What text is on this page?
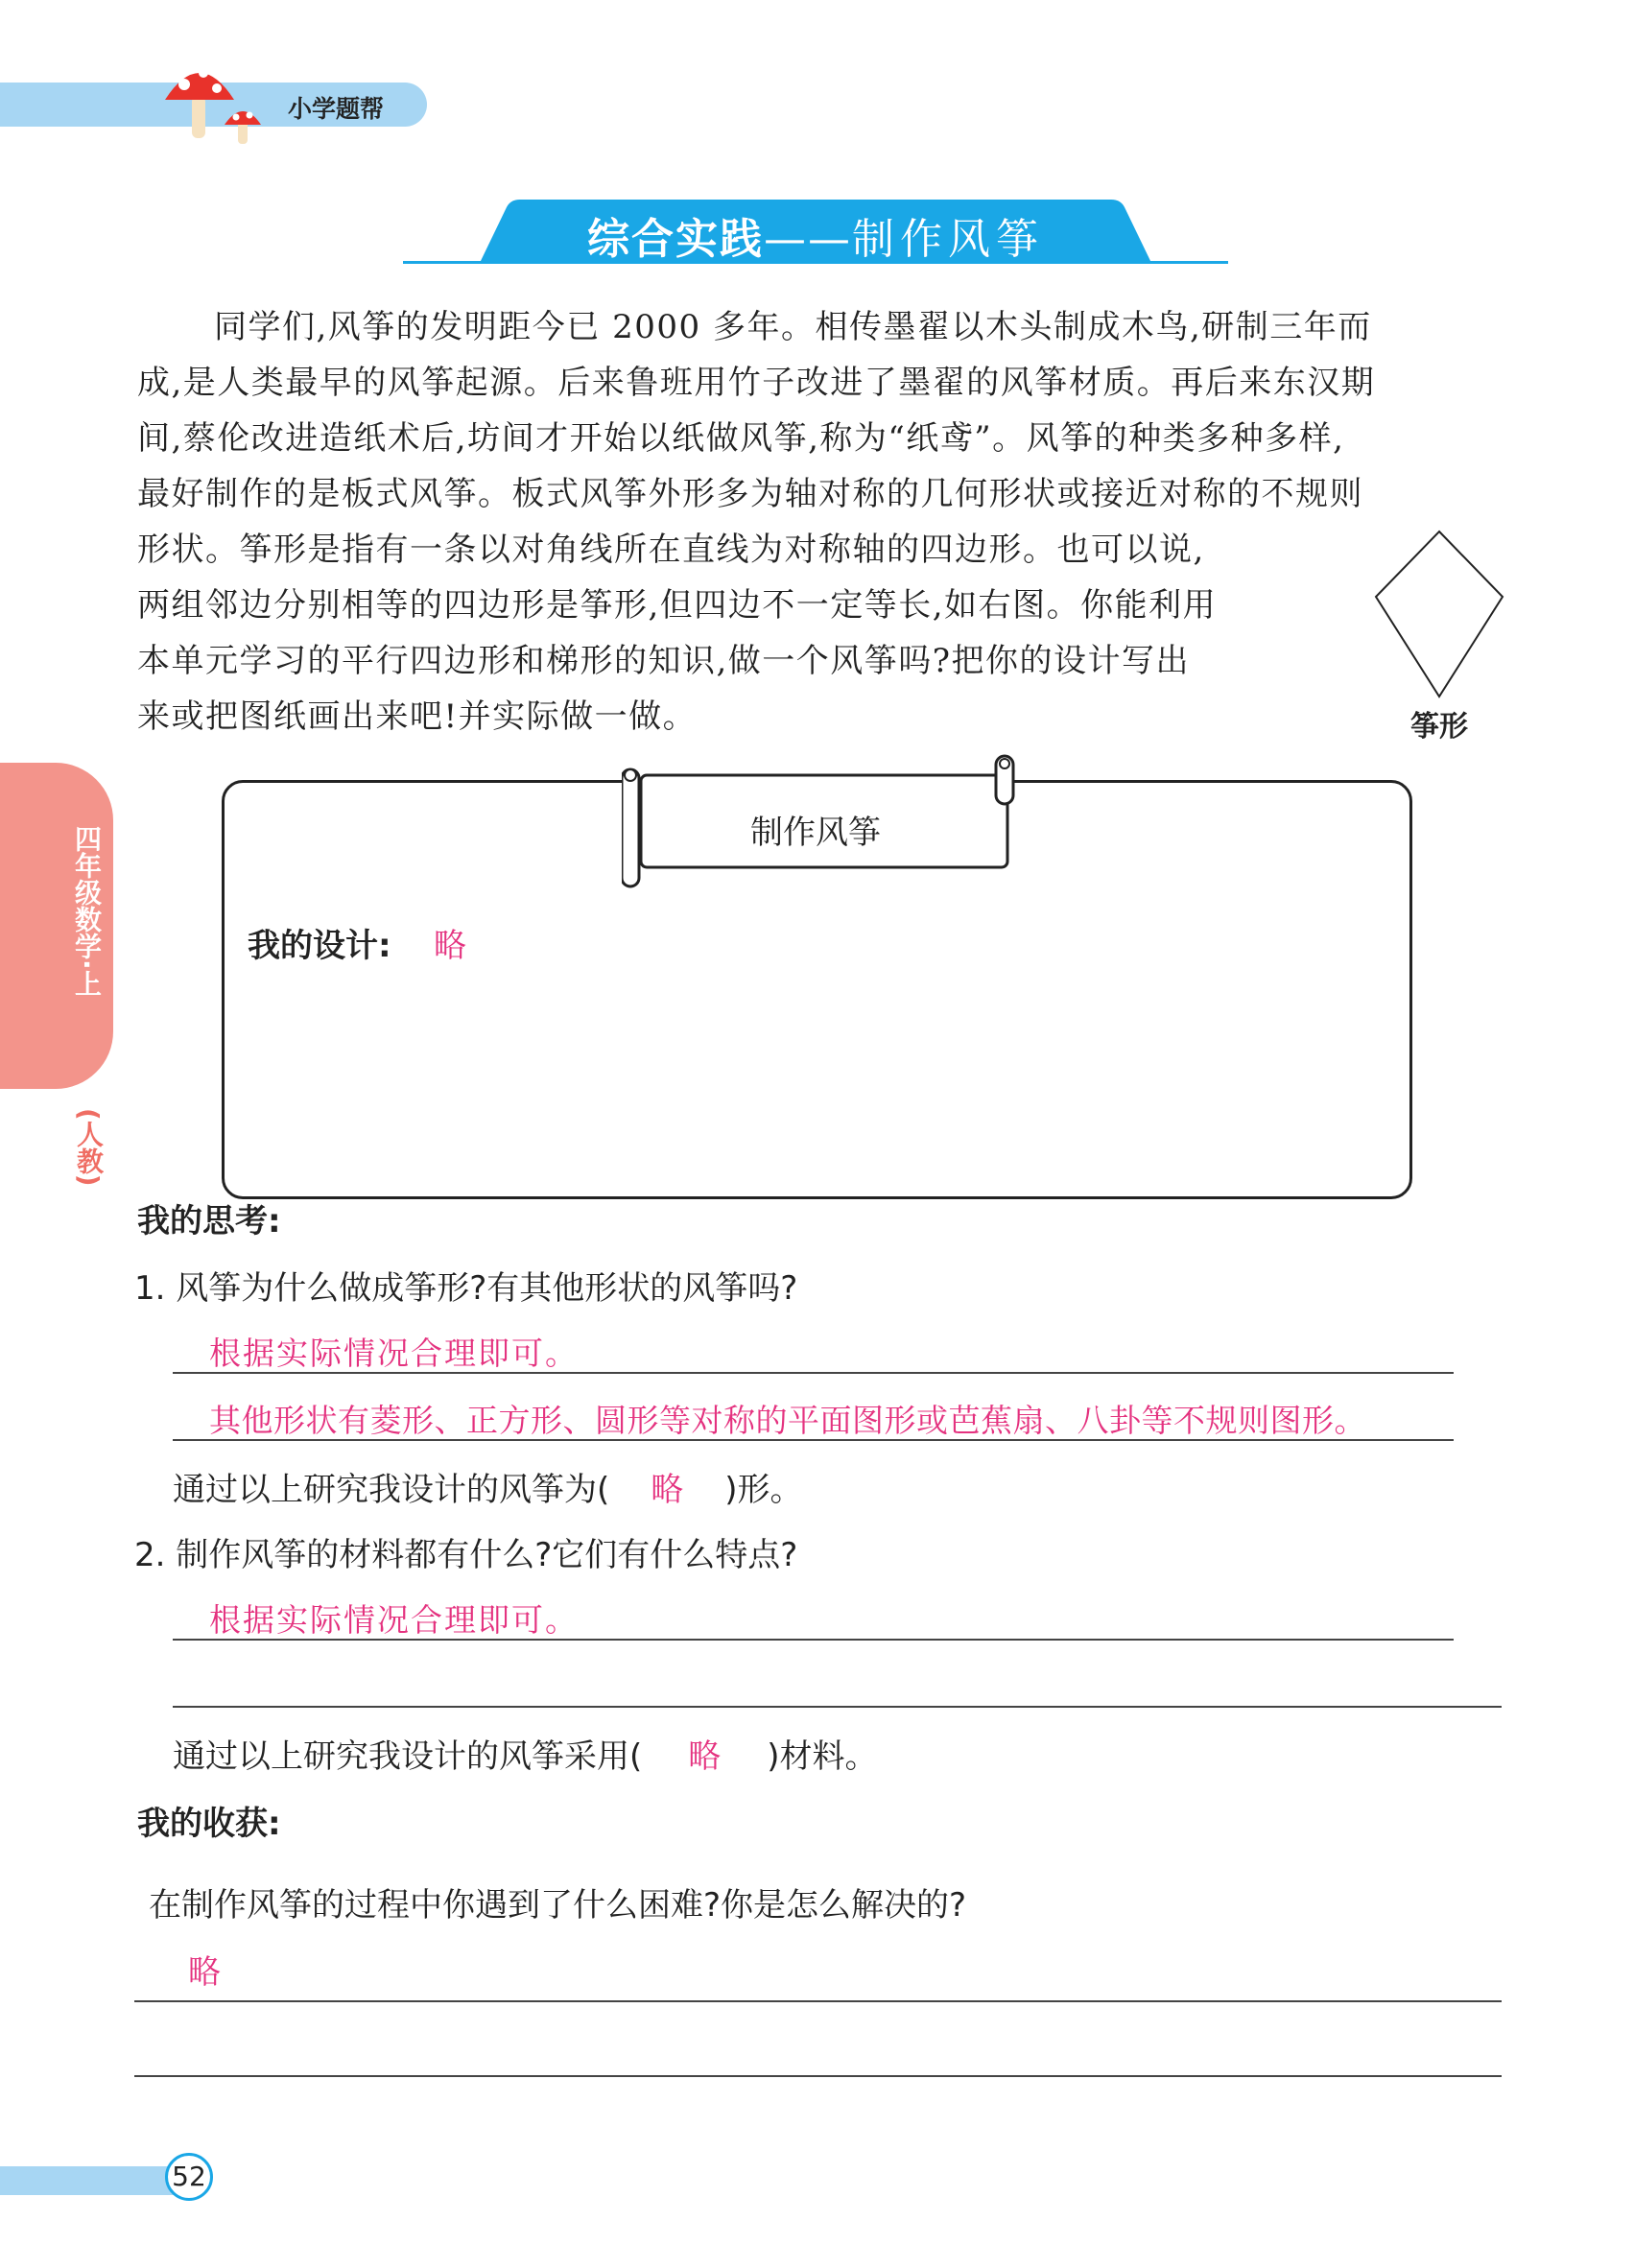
小学题帮
综合实践——制作风筝
同学们,风筝的发明距今已 2000 多年。相传墨翟以木头制成木鸟,研制三年而
成,是人类最早的风筝起源。后来鲁班用竹子改进了墨翟的风筝材质。再后来东汉期
间,蔡伦改进造纸术后,坊间才开始以纸做风筝,称为“纸鸢”。风筝的种类多种多样,
最好制作的是板式风筝。板式风筝外形多为轴对称的几何形状或接近对称的不规则
形状。筝形是指有一条以对角线所在直线为对称轴的四边形。也可以说,
两组邻边分别相等的四边形是筝形,但四边不一定等长,如右图。你能利用
本单元学习的平行四边形和梯形的知识,做一个风筝吗?把你的设计写出
来或把图纸画出来吧!并实际做一做。	筝形
四年级数学·上
(人教)
制作风筝
我的设计: 略
我的思考:
1. 风筝为什么做成筝形?有其他形状的风筝吗?
根据实际情况合理即可。
其他形状有菱形、正方形、圆形等对称的平面图形或芭蕉扇、八卦等不规则图形。
通过以上研究我设计的风筝为( 略 )形。
2. 制作风筝的材料都有什么?它们有什么特点?
根据实际情况合理即可。
通过以上研究我设计的风筝采用( 略 )材料。
我的收获:
在制作风筝的过程中你遇到了什么困难?你是怎么解决的?
略
52
